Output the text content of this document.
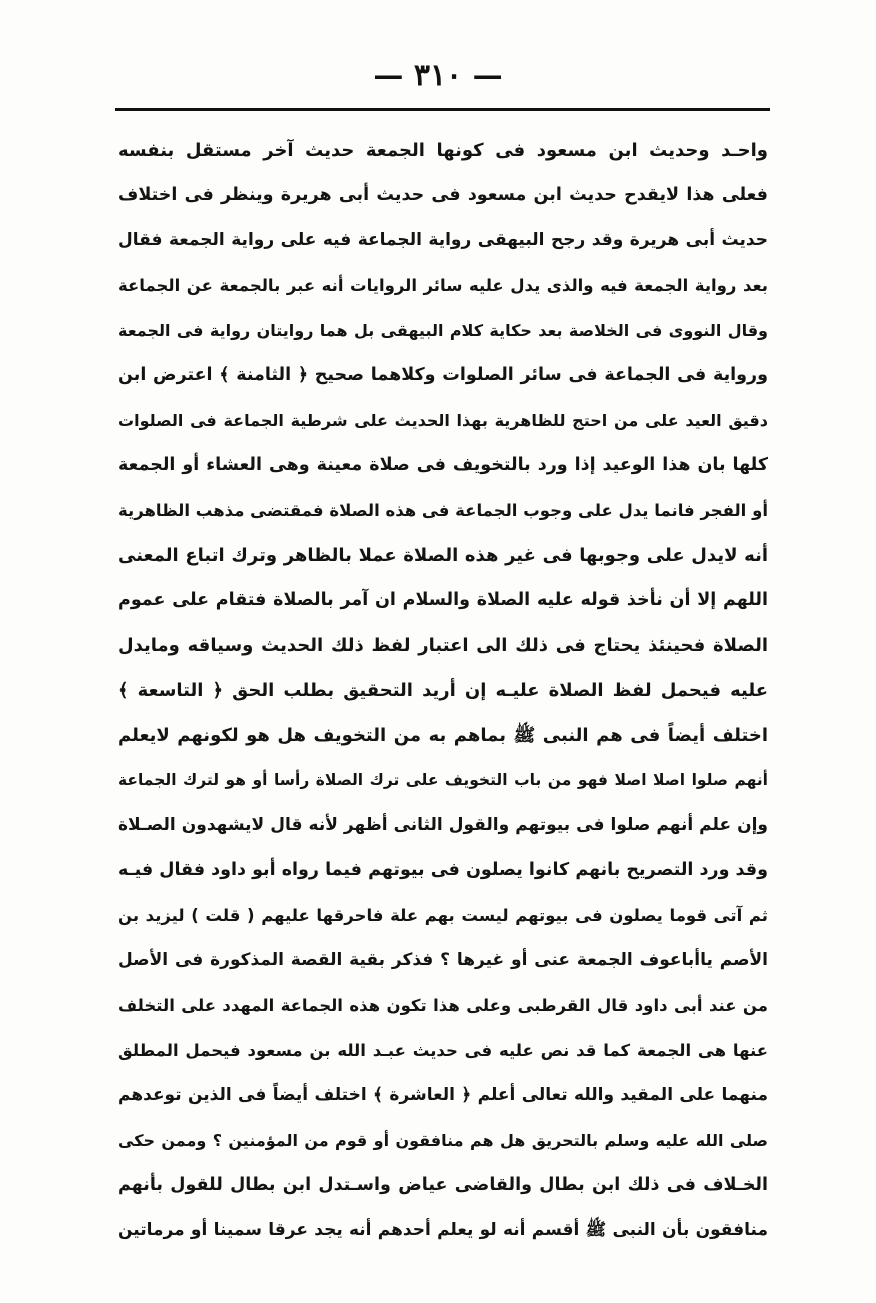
— ٣١٠ —
واحـد وحديث ابن مسعود فى كونها الجمعة حديث آخر مستقل بنفسه
فعلى هذا لايقدح حديث ابن مسعود فى حديث أبى هريرة وينظر فى اختلاف
حديث أبى هريرة وقد رجح البيهقى رواية الجماعة فيه على رواية الجمعة فقال
بعد رواية الجمعة فيه والذى يدل عليه سائر الروايات أنه عبر بالجمعة عن الجماعة
وقال النووى فى الخلاصة بعد حكاية كلام البيهقى بل هما روايتان رواية فى الجمعة
ورواية فى الجماعة فى سائر الصلوات وكلاهما صحيح ﴿ الثامنة ﴾ اعترض ابن
دقيق العيد على من احتج للظاهرية بهذا الحديث على شرطية الجماعة فى الصلوات
كلها بان هذا الوعيد إذا ورد بالتخويف فى صلاة معينة وهى العشاء أو الجمعة
أو الفجر فانما يدل على وجوب الجماعة فى هذه الصلاة فمقتضى مذهب الظاهرية
أنه لايدل على وجوبها فى غير هذه الصلاة عملا بالظاهر وترك اتباع المعنى
اللهم إلا أن نأخذ قوله عليه الصلاة والسلام ان آمر بالصلاة فتقام على عموم
الصلاة فحينئذ يحتاج فى ذلك الى اعتبار لفظ ذلك الحديث وسياقه ومايدل
عليه فيحمل لفظ الصلاة عليـه إن أريد التحقيق بطلب الحق ﴿ التاسعة ﴾
اختلف أيضاً فى هم النبى ﷺ بماهم به من التخويف هل هو لكونهم لايعلم
أنهم صلوا اصلا اصلا فهو من باب التخويف على ترك الصلاة رأسا أو هو لترك الجماعة
وإن علم أنهم صلوا فى بيوتهم والقول الثانى أظهر لأنه قال لايشهدون الصـلاة
وقد ورد التصريح بانهم كانوا يصلون فى بيوتهم فيما رواه أبو داود فقال فيـه
ثم آتى قوما يصلون فى بيوتهم ليست بهم علة فاحرقها عليهم ( قلت ) ليزيد بن
الأصم ياأباعوف الجمعة عنى أو غيرها ؟ فذكر بقية القصة المذكورة فى الأصل
من عند أبى داود قال القرطبى وعلى هذا تكون هذه الجماعة المهدد على التخلف
عنها هى الجمعة كما قد نص عليه فى حديث عبـد الله بن مسعود فيحمل المطلق
منهما على المقيد والله تعالى أعلم ﴿ العاشرة ﴾ اختلف أيضاً فى الذين توعدهم
صلى الله عليه وسلم بالتحريق هل هم منافقون أو قوم من المؤمنين ؟ وممن حكى
الخـلاف فى ذلك ابن بطال والقاضى عياض واسـتدل ابن بطال للقول بأنهم
منافقون بأن النبى ﷺ أقسم أنه لو يعلم أحدهم أنه يجد عرقا سمينا أو مرماتين
